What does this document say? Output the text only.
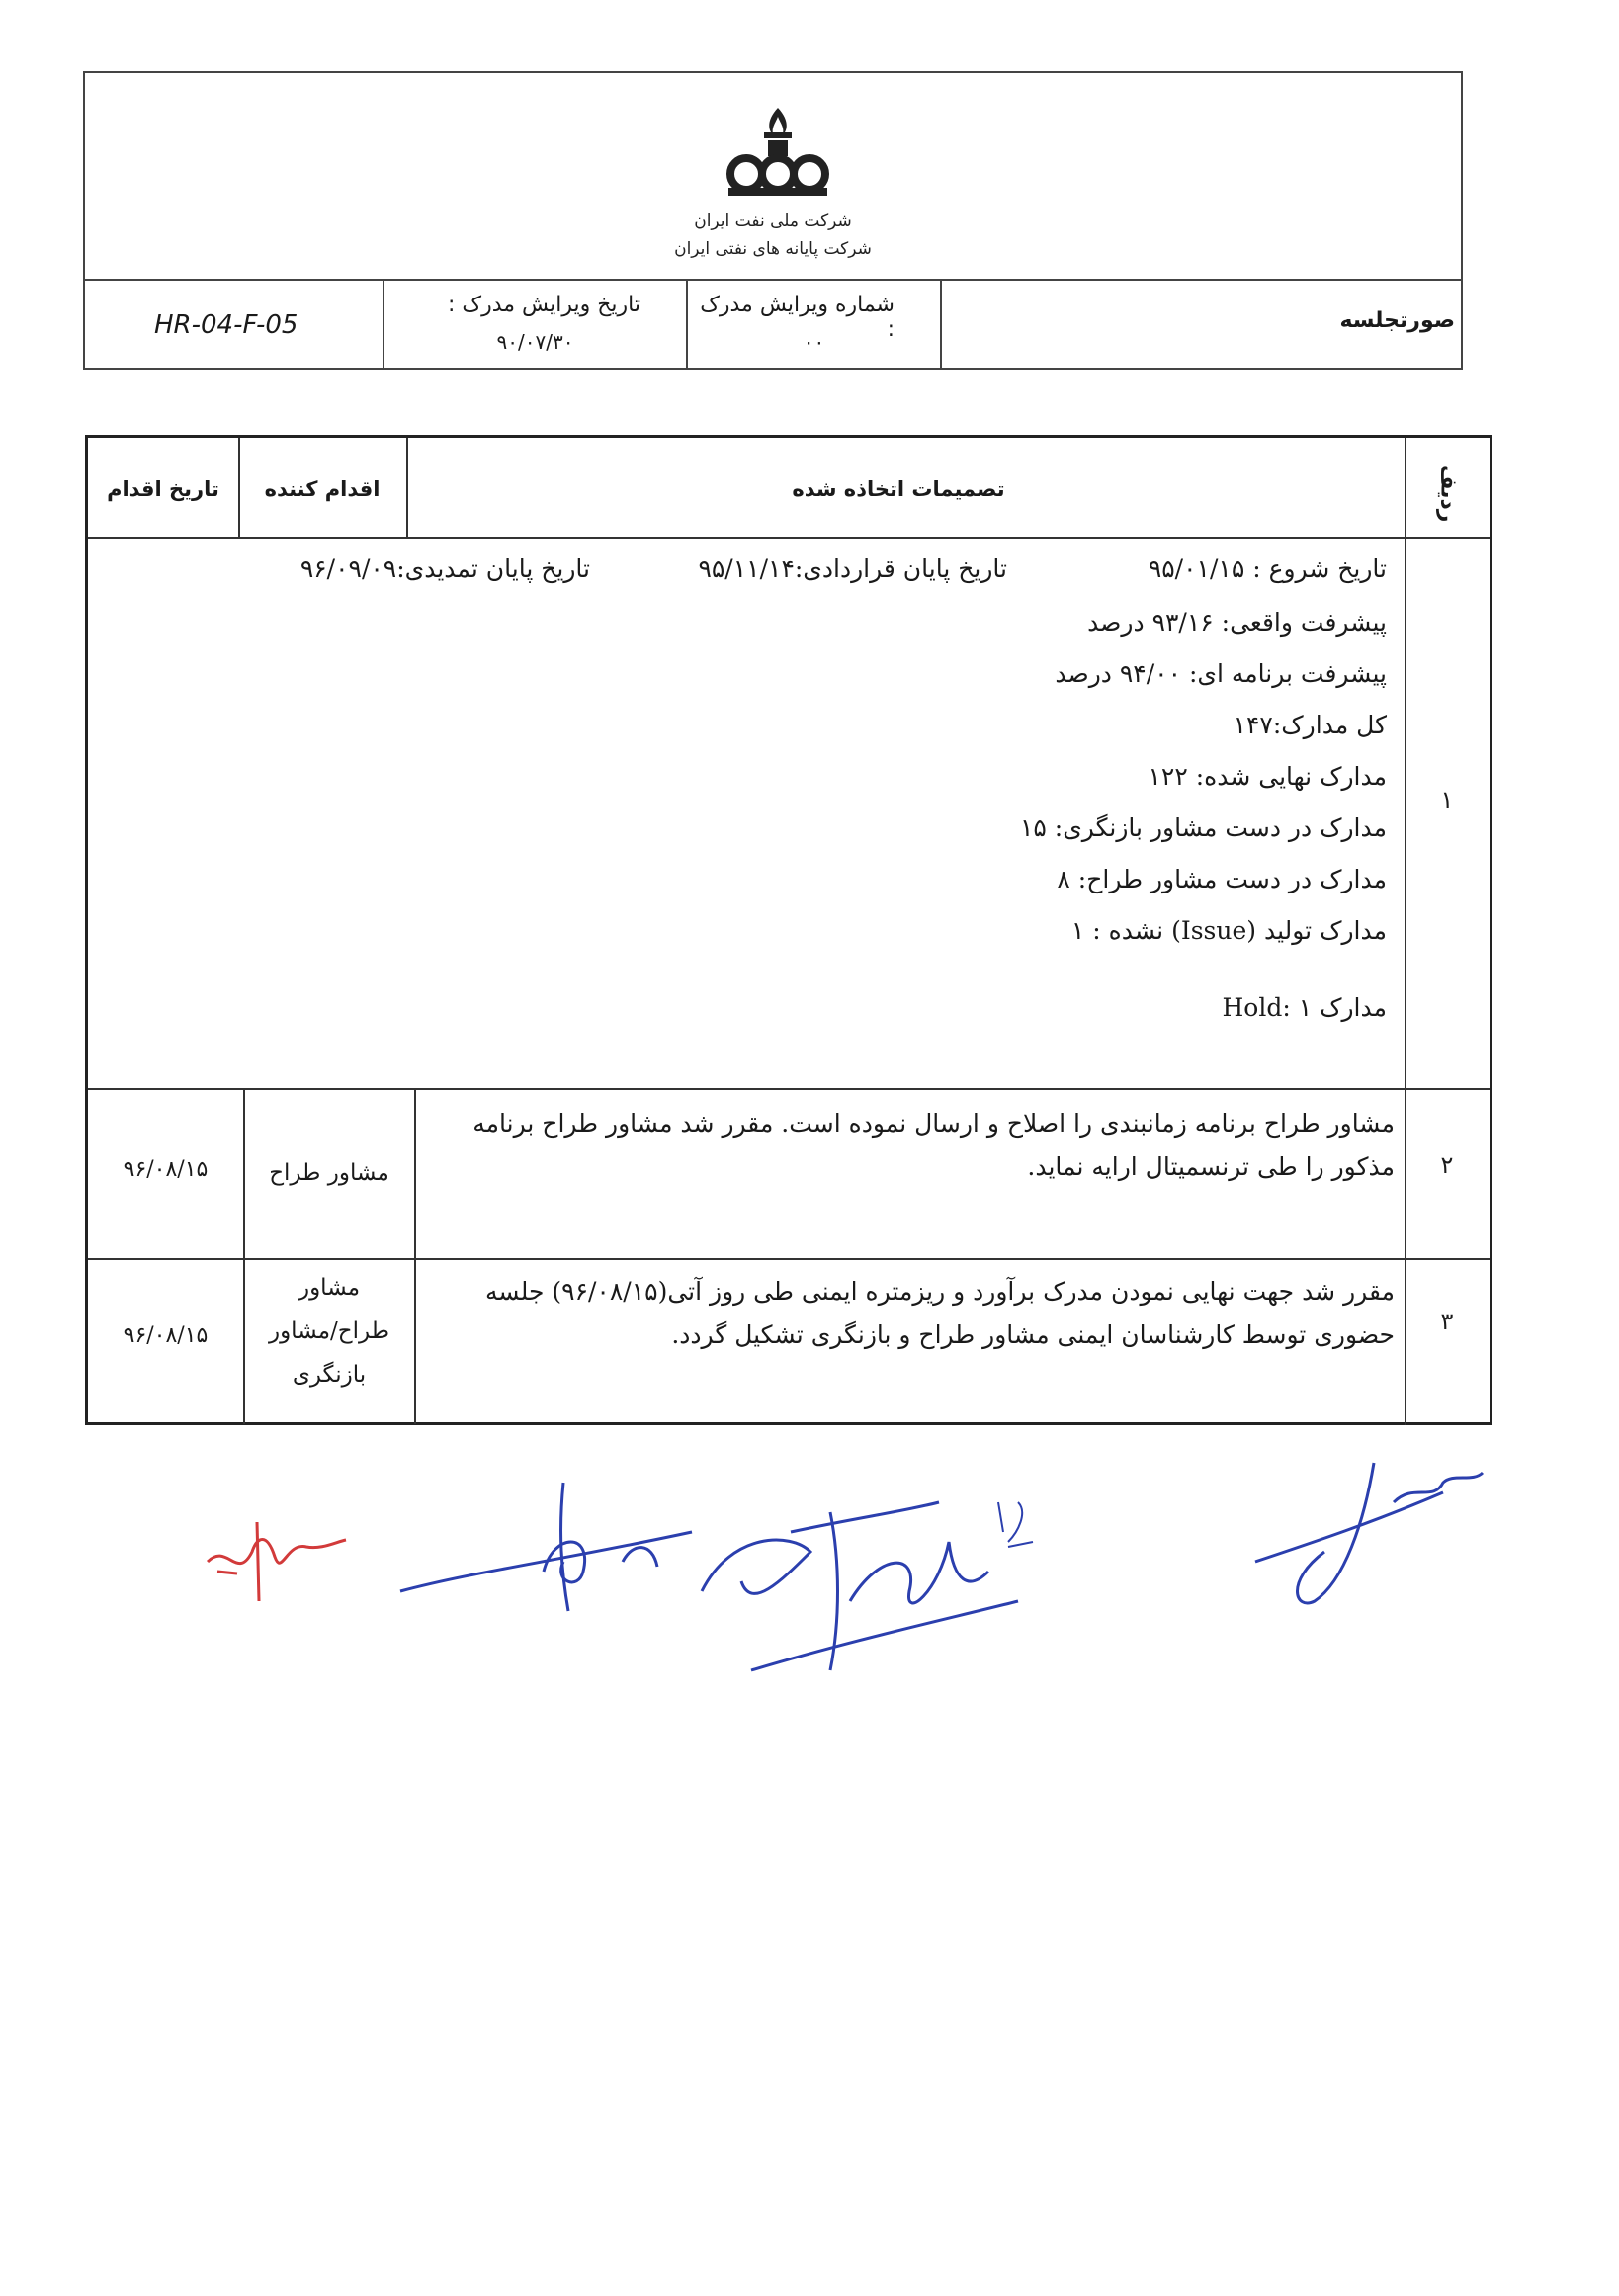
شرکت ملی نفت ایران
شرکت پایانه های نفتی ایران
HR-04-F-05
تاریخ ویرایش مدرک :
۹۰/۰۷/۳۰
شماره ویرایش مدرک :
۰۰
صورتجلسه
ردیف
تصمیمات اتخاذه شده
اقدام کننده
تاریخ اقدام
۱
تاریخ شروع : ۹۵/۰۱/۱۵
تاریخ پایان قراردادی:۹۵/۱۱/۱۴
تاریخ پایان تمدیدی:۹۶/۰۹/۰۹
پیشرفت واقعی: ۹۳/۱۶ درصد
پیشرفت برنامه ای: ۹۴/۰۰ درصد
کل مدارک:۱۴۷
مدارک نهایی شده: ۱۲۲
مدارک در دست مشاور بازنگری: ۱۵
مدارک در دست مشاور طراح: ۸
مدارک تولید (Issue) نشده : ۱
مدارک Hold: ۱
۲
مشاور طراح برنامه زمانبندی را اصلاح و ارسال نموده است. مقرر شد مشاور طراح برنامه مذکور را طی ترنسمیتال ارایه نماید.
مشاور طراح
۹۶/۰۸/۱۵
۳
مقرر شد جهت نهایی نمودن مدرک برآورد و ریزمتره ایمنی طی روز آتی(۹۶/۰۸/۱۵) جلسه حضوری توسط کارشناسان ایمنی مشاور طراح و بازنگری تشکیل گردد.
مشاور طراح/مشاور بازنگری
۹۶/۰۸/۱۵
